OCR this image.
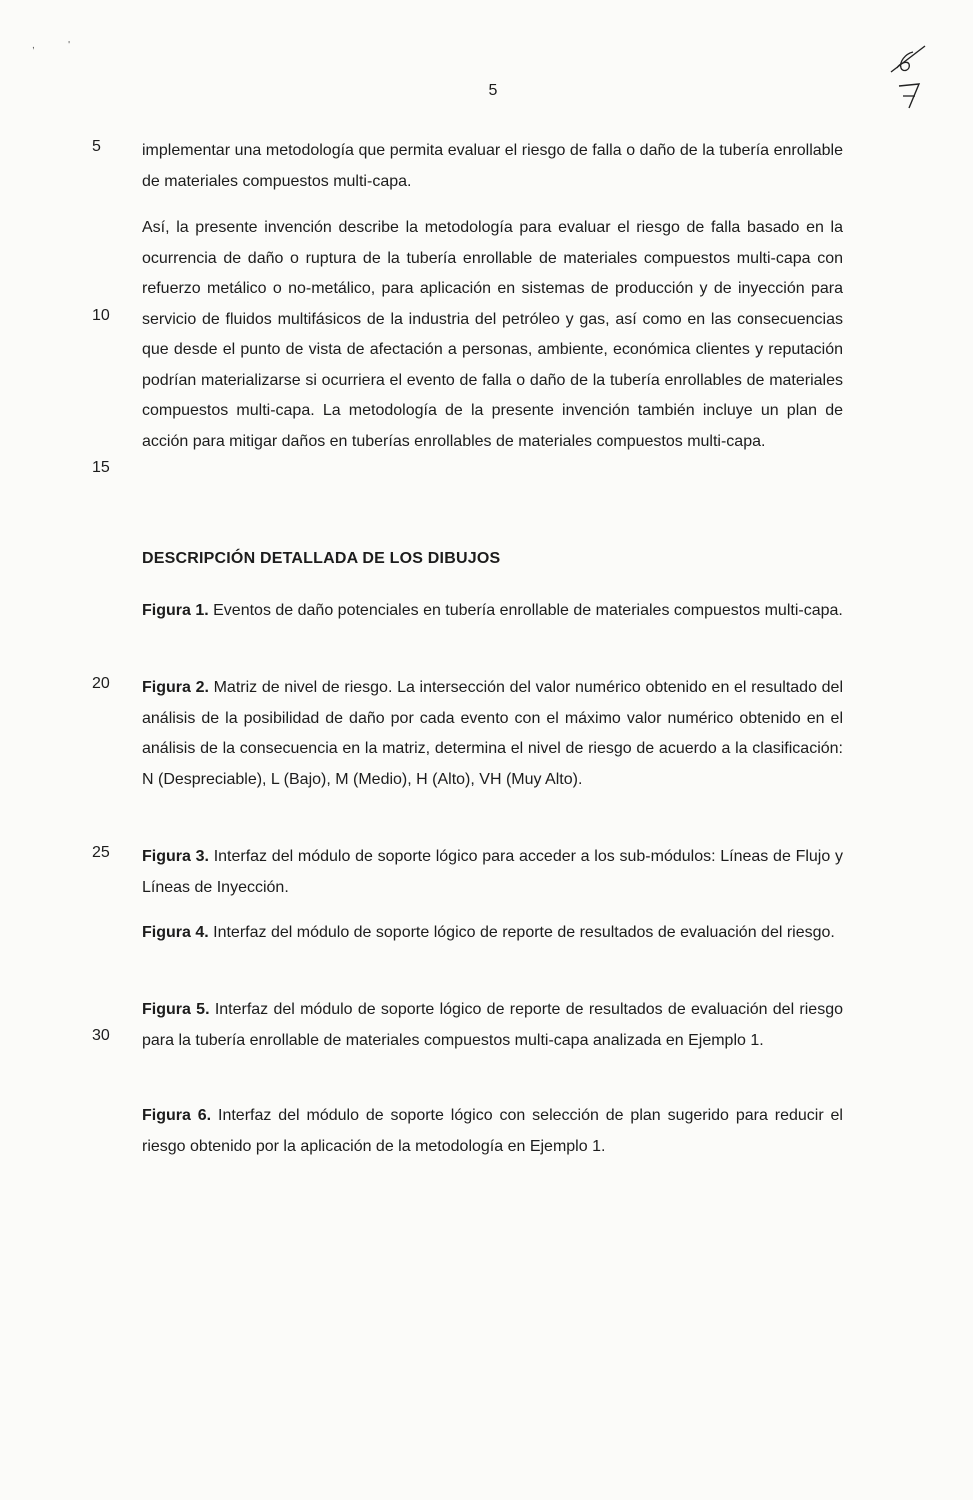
,            '
5
5
10
15
20
25
30
implementar una metodología que permita evaluar el riesgo de falla o daño de la tubería enrollable de materiales compuestos multi-capa.
Así, la presente invención describe la metodología para evaluar el riesgo de falla basado en la ocurrencia de daño o ruptura de la tubería enrollable de materiales compuestos multi-capa con refuerzo metálico o no-metálico, para aplicación en sistemas de producción y de inyección para servicio de fluidos multifásicos de la industria del petróleo y gas, así como en las consecuencias que desde el punto de vista de afectación a personas, ambiente, económica clientes y reputación podrían materializarse si ocurriera el evento de falla o daño de la tubería enrollables de materiales compuestos multi-capa. La metodología de la presente invención también incluye un plan de acción para mitigar daños en tuberías enrollables de materiales compuestos multi-capa.
DESCRIPCIÓN DETALLADA DE LOS DIBUJOS
Figura 1. Eventos de daño potenciales en tubería enrollable de materiales compuestos multi-capa.
Figura 2. Matriz de nivel de riesgo. La intersección del valor numérico obtenido en el resultado del análisis de la posibilidad de daño por cada evento con el máximo valor numérico obtenido en el análisis de la consecuencia en la matriz, determina el nivel de riesgo de acuerdo a la clasificación: N (Despreciable), L (Bajo), M (Medio), H (Alto), VH (Muy Alto).
Figura 3. Interfaz del módulo de soporte lógico para acceder a los sub-módulos: Líneas de Flujo y Líneas de Inyección.
Figura 4. Interfaz del módulo de soporte lógico de reporte de resultados de evaluación del riesgo.
Figura 5. Interfaz del módulo de soporte lógico de reporte de resultados de evaluación del riesgo para la tubería enrollable de materiales compuestos multi-capa analizada en Ejemplo 1.
Figura 6. Interfaz del módulo de soporte lógico con selección de plan sugerido para reducir el riesgo obtenido por la aplicación de la metodología en Ejemplo 1.
